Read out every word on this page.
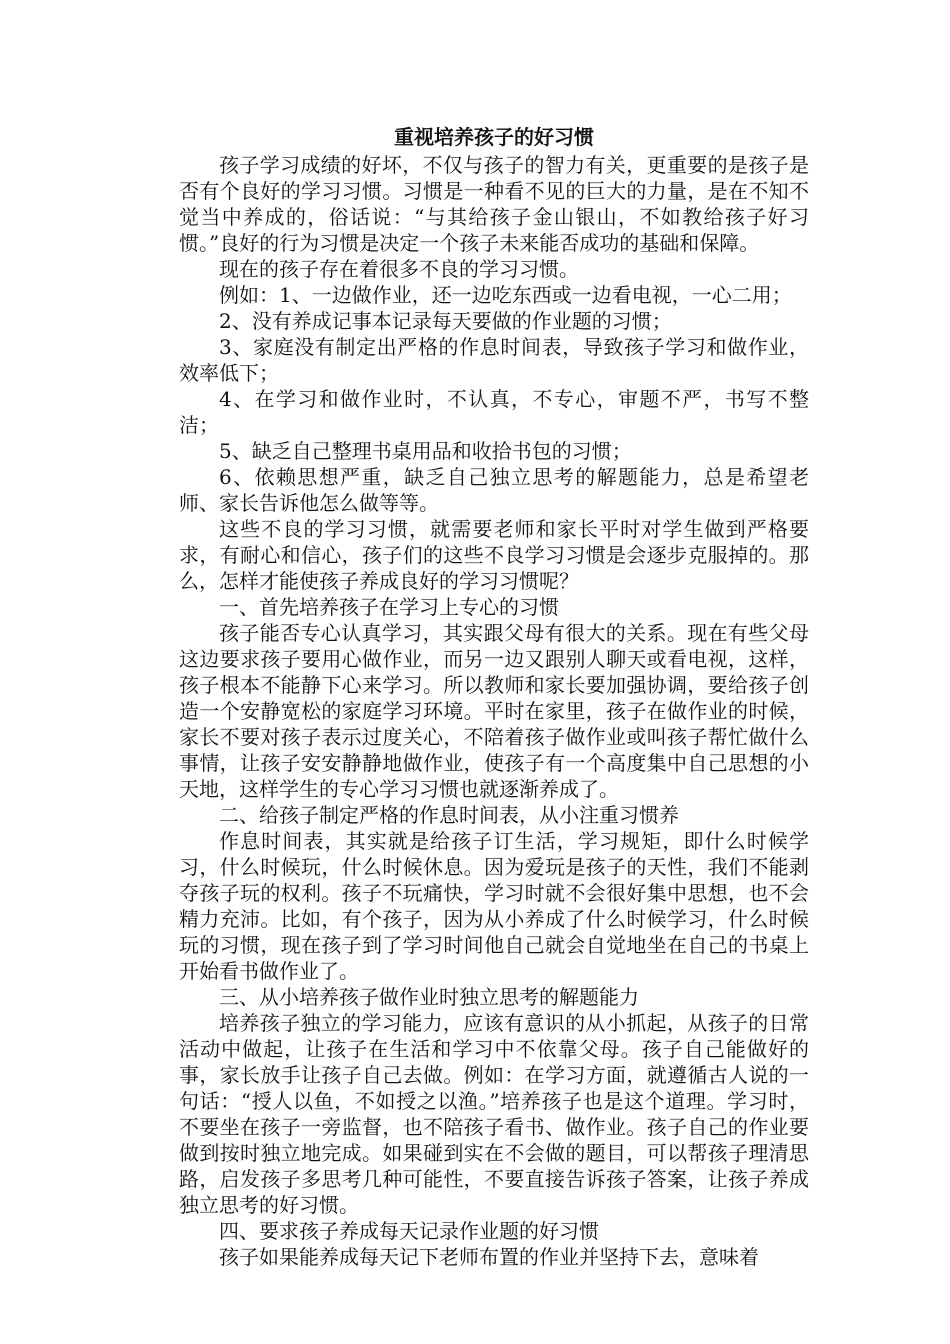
重视培养孩子的好习惯

孩子学习成绩的好坏，不仅与孩子的智力有关，更重要的是孩子是否有个良好的学习习惯。习惯是一种看不见的巨大的力量，是在不知不觉当中养成的，俗话说：“与其给孩子金山银山，不如教给孩子好习惯。”良好的行为习惯是决定一个孩子未来能否成功的基础和保障。

现在的孩子存在着很多不良的学习习惯。

例如：1、一边做作业，还一边吃东西或一边看电视，一心二用；

2、没有养成记事本记录每天要做的作业题的习惯；

3、家庭没有制定出严格的作息时间表，导致孩子学习和做作业，效率低下；

4、在学习和做作业时，不认真，不专心，审题不严，书写不整洁；

5、缺乏自己整理书桌用品和收拾书包的习惯；

6、依赖思想严重，缺乏自己独立思考的解题能力，总是希望老师、家长告诉他怎么做等等。

这些不良的学习习惯，就需要老师和家长平时对学生做到严格要求，有耐心和信心，孩子们的这些不良学习习惯是会逐步克服掉的。那么，怎样才能使孩子养成良好的学习习惯呢？

一、首先培养孩子在学习上专心的习惯

孩子能否专心认真学习，其实跟父母有很大的关系。现在有些父母这边要求孩子要用心做作业，而另一边又跟别人聊天或看电视，这样，孩子根本不能静下心来学习。所以教师和家长要加强协调，要给孩子创造一个安静宽松的家庭学习环境。平时在家里，孩子在做作业的时候，家长不要对孩子表示过度关心，不陪着孩子做作业或叫孩子帮忙做什么事情，让孩子安安静静地做作业，使孩子有一个高度集中自己思想的小天地，这样学生的专心学习习惯也就逐渐养成了。

二、给孩子制定严格的作息时间表，从小注重习惯养

作息时间表，其实就是给孩子订生活，学习规矩，即什么时候学习，什么时候玩，什么时候休息。因为爱玩是孩子的天性，我们不能剥夺孩子玩的权利。孩子不玩痛快，学习时就不会很好集中思想，也不会精力充沛。比如，有个孩子，因为从小养成了什么时候学习，什么时候玩的习惯，现在孩子到了学习时间他自己就会自觉地坐在自己的书桌上开始看书做作业了。

三、从小培养孩子做作业时独立思考的解题能力

培养孩子独立的学习能力，应该有意识的从小抓起，从孩子的日常活动中做起，让孩子在生活和学习中不依靠父母。孩子自己能做好的事，家长放手让孩子自己去做。例如：在学习方面，就遵循古人说的一句话：“授人以鱼，不如授之以渔。”培养孩子也是这个道理。学习时，不要坐在孩子一旁监督，也不陪孩子看书、做作业。孩子自己的作业要做到按时独立地完成。如果碰到实在不会做的题目，可以帮孩子理清思路，启发孩子多思考几种可能性，不要直接告诉孩子答案，让孩子养成独立思考的好习惯。

四、要求孩子养成每天记录作业题的好习惯

孩子如果能养成每天记下老师布置的作业并坚持下去，意味着
